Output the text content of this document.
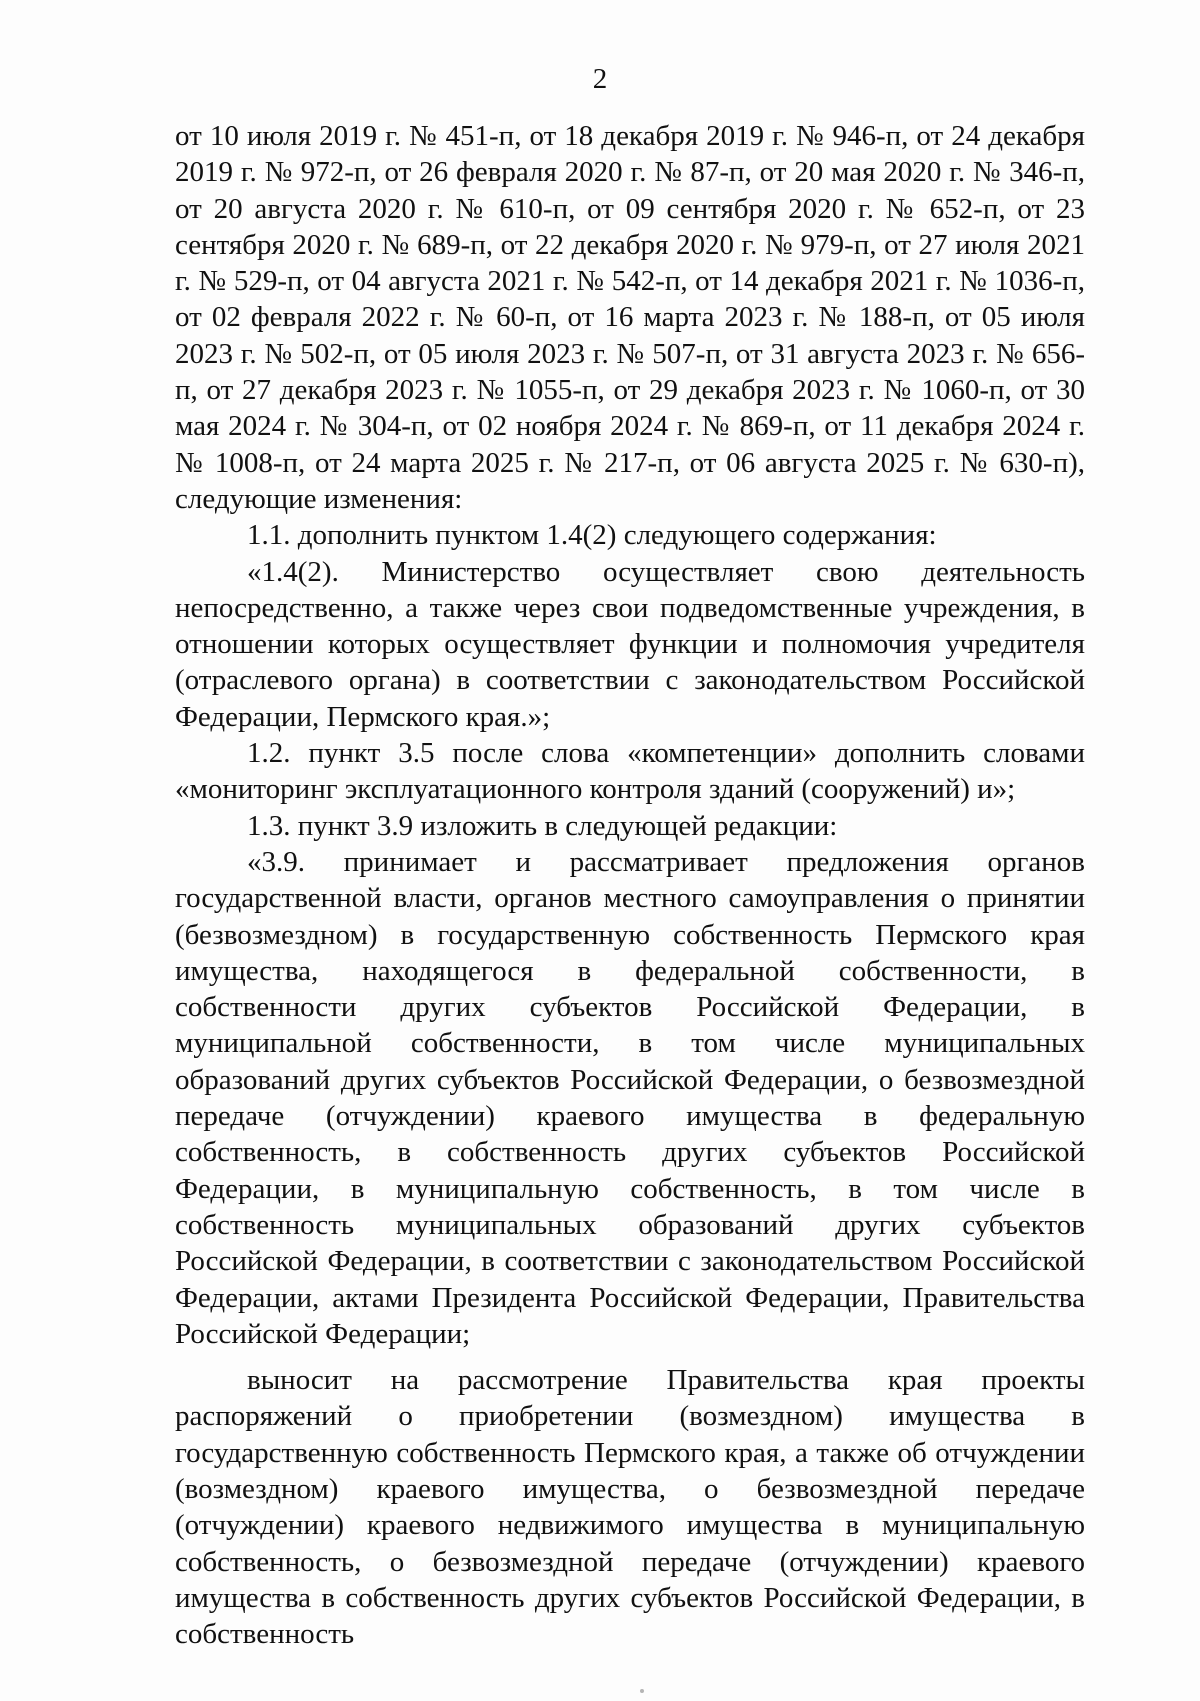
2

от 10 июля 2019 г. № 451-п, от 18 декабря 2019 г. № 946-п, от 24 декабря 2019 г. № 972-п, от 26 февраля 2020 г. № 87-п, от 20 мая 2020 г. № 346-п, от 20 августа 2020 г. № 610-п, от 09 сентября 2020 г. № 652-п, от 23 сентября 2020 г. № 689-п, от 22 декабря 2020 г. № 979-п, от 27 июля 2021 г. № 529-п, от 04 августа 2021 г. № 542-п, от 14 декабря 2021 г. № 1036-п, от 02 февраля 2022 г. № 60-п, от 16 марта 2023 г. № 188-п, от 05 июля 2023 г. № 502-п, от 05 июля 2023 г. № 507-п, от 31 августа 2023 г. № 656-п, от 27 декабря 2023 г. № 1055-п, от 29 декабря 2023 г. № 1060-п, от 30 мая 2024 г. № 304-п, от 02 ноября 2024 г. № 869-п, от 11 декабря 2024 г. № 1008-п, от 24 марта 2025 г. № 217-п, от 06 августа 2025 г. № 630-п), следующие изменения:

1.1. дополнить пунктом 1.4(2) следующего содержания:

«1.4(2). Министерство осуществляет свою деятельность непосредственно, а также через свои подведомственные учреждения, в отношении которых осуществляет функции и полномочия учредителя (отраслевого органа) в соответствии с законодательством Российской Федерации, Пермского края.»;

1.2. пункт 3.5 после слова «компетенции» дополнить словами «мониторинг эксплуатационного контроля зданий (сооружений) и»;

1.3. пункт 3.9 изложить в следующей редакции:

«3.9. принимает и рассматривает предложения органов государственной власти, органов местного самоуправления о принятии (безвозмездном) в государственную собственность Пермского края имущества, находящегося в федеральной собственности, в собственности других субъектов Российской Федерации, в муниципальной собственности, в том числе муниципальных образований других субъектов Российской Федерации, о безвозмездной передаче (отчуждении) краевого имущества в федеральную собственность, в собственность других субъектов Российской Федерации, в муниципальную собственность, в том числе в собственность муниципальных образований других субъектов Российской Федерации, в соответствии с законодательством Российской Федерации, актами Президента Российской Федерации, Правительства Российской Федерации;

выносит на рассмотрение Правительства края проекты распоряжений о приобретении (возмездном) имущества в государственную собственность Пермского края, а также об отчуждении (возмездном) краевого имущества, о безвозмездной передаче (отчуждении) краевого недвижимого имущества в муниципальную собственность, о безвозмездной передаче (отчуждении) краевого имущества в собственность других субъектов Российской Федерации, в собственность
